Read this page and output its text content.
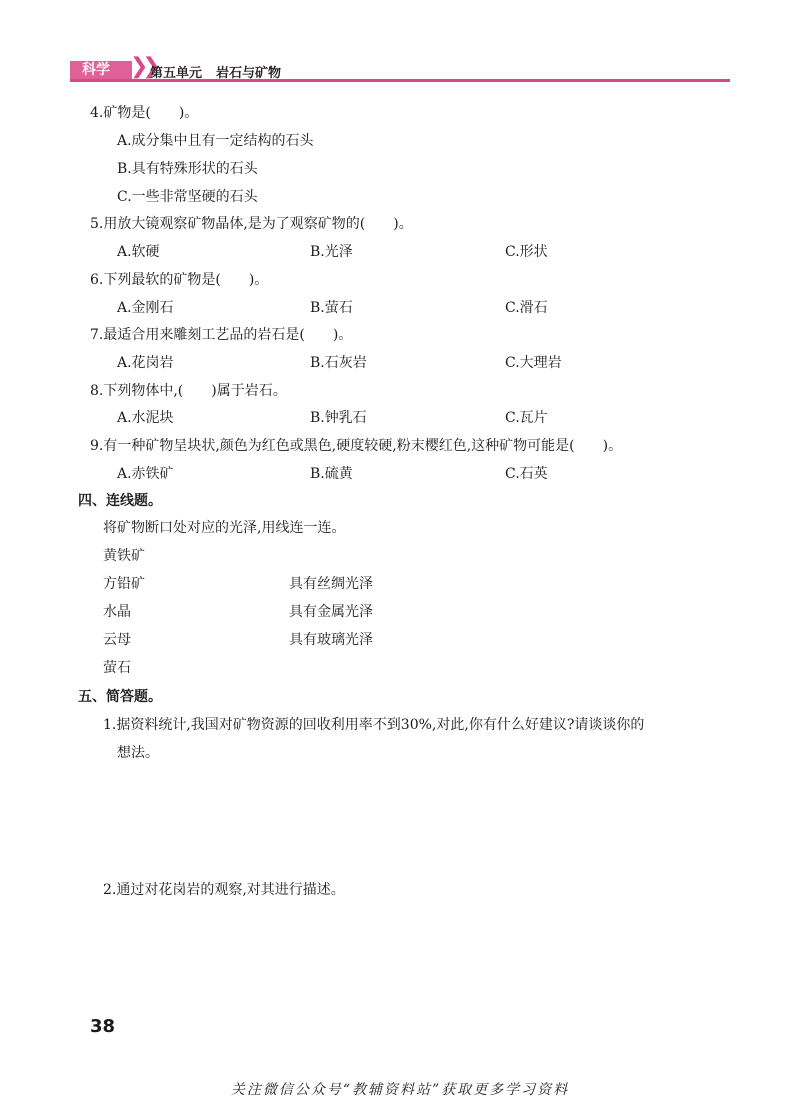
科学 ❯❯
第五单元 岩石与矿物
4.矿物是(　　)。
A.成分集中且有一定结构的石头
B.具有特殊形状的石头
C.一些非常坚硬的石头
5.用放大镜观察矿物晶体,是为了观察矿物的(　　)。
A.软硬	B.光泽	C.形状
6.下列最软的矿物是(　　)。
A.金刚石	B.萤石	C.滑石
7.最适合用来雕刻工艺品的岩石是(　　)。
A.花岗岩	B.石灰岩	C.大理岩
8.下列物体中,(　　)属于岩石。
A.水泥块	B.钟乳石	C.瓦片
9.有一种矿物呈块状,颜色为红色或黑色,硬度较硬,粉末樱红色,这种矿物可能是(　　)。
A.赤铁矿	B.硫黄	C.石英
四、连线题。
将矿物断口处对应的光泽,用线连一连。
黄铁矿
方铅矿
水晶
云母
萤石
具有丝绸光泽
具有金属光泽
具有玻璃光泽
五、简答题。
1.据资料统计,我国对矿物资源的回收利用率不到30%,对此,你有什么好建议?请谈谈你的
想法。
2.通过对花岗岩的观察,对其进行描述。
38
关注微信公众号“教辅资料站”获取更多学习资料
